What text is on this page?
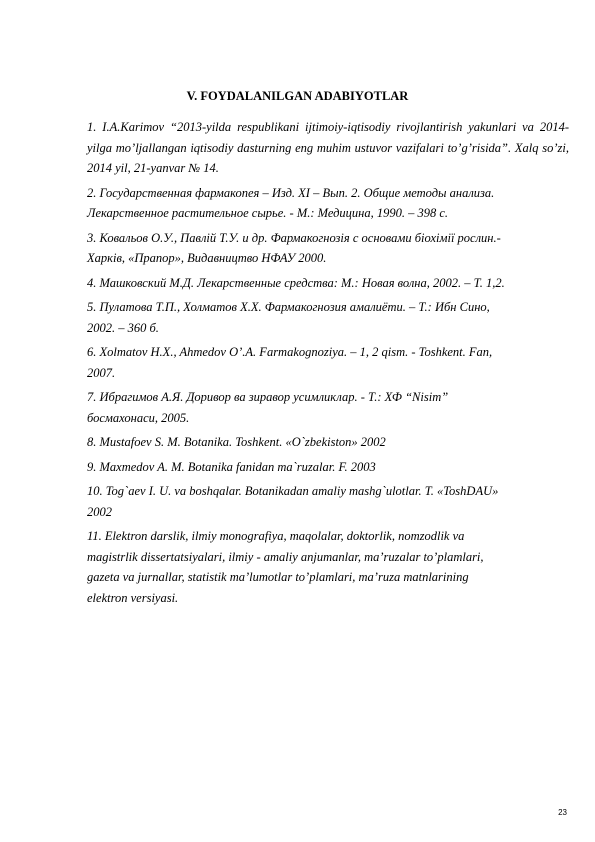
V. FOYDALANILGAN ADABIYOTLAR

1. I.A.Karimov “2013-yilda respublikani ijtimoiy-iqtisodiy rivojlantirish yakunlari va 2014-yilga mo’ljallangan iqtisodiy dasturning eng muhim ustuvor vazifalari to’g’risida”. Xalq so’zi, 2014 yil, 21-yanvar № 14.

2. Государственная фармакопея – Изд. XI – Вып. 2. Общие методы анализа.
Лекарственное растительное сырье. - М.: Медицина, 1990. – 398 с.

3. Ковальов О.У., Павлій Т.У. и др. Фармакогнозія с основами біохімії рослин.-
Харків, «Прапор», Видавництво НФАУ 2000.

4. Машковский М.Д. Лекарственные средства: М.: Новая волна, 2002. – Т. 1,2.

5. Пулатова Т.П., Холматов Х.Х. Фармакогнозия амалиёти. – Т.: Ибн Сино,
2002. – 360 б.

6. Xolmatov H.X., Ahmedov O’.A. Farmakognoziya. – 1, 2 qism. - Toshkent. Fan,
2007.

7. Ибрагимов А.Я. Доривор ва зиравор усимликлар. - Т.: ХФ “Nisim”
босмахонаси, 2005.

8. Mustafoev S. M. Botanika. Toshkent. «O`zbekiston» 2002

9. Maxmedov A. M. Botanika fanidan ma`ruzalar. F. 2003

10. Tog`aev I. U. va boshqalar. Botanikadan amaliy mashg`ulotlar. T. «ToshDAU»
2002

11. Elektron darslik, ilmiy monografiya, maqolalar, doktorlik, nomzodlik va
magistrlik dissertatsiyalari, ilmiy - amaliy anjumanlar, ma’ruzalar to’plamlari,
gazeta va jurnallar, statistik ma’lumotlar to’plamlari, ma’ruza matnlarining
elektron versiyasi.

23
